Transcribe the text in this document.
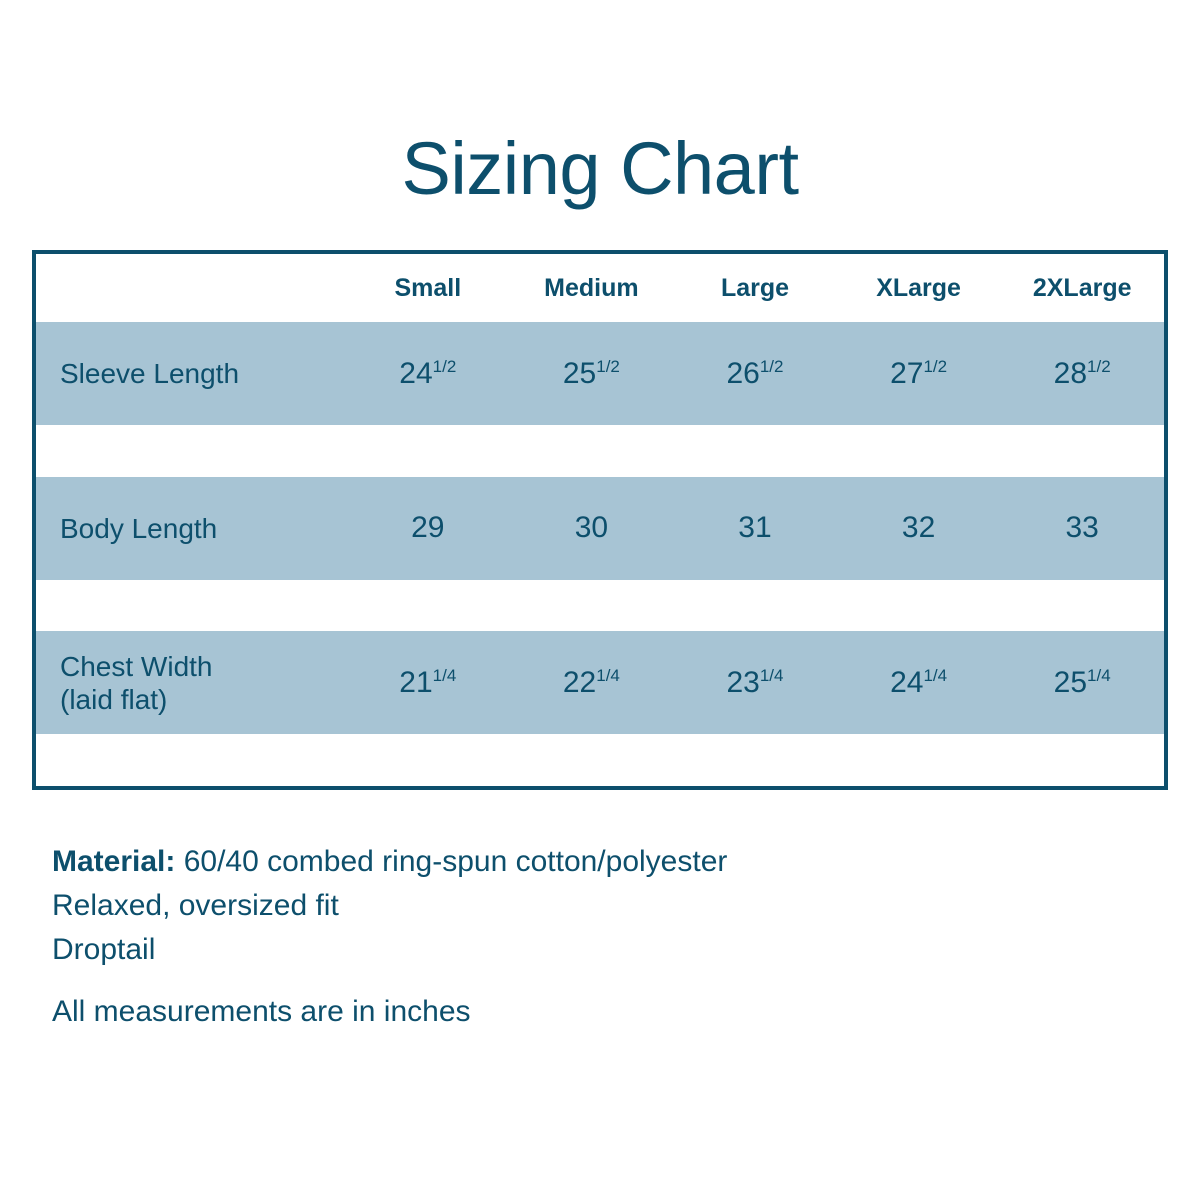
Sizing Chart
	Small	Medium	Large	XLarge	2XLarge
Sleeve Length	$24^{1/2}$	$25^{1/2}$	$26^{1/2}$	$27^{1/2}$	$28^{1/2}$

Body Length	29	30	31	32	33

Chest Width
(laid flat)	$21^{1/4}$	$22^{1/4}$	$23^{1/4}$	$24^{1/4}$	$25^{1/4}$

Material: 60/40 combed ring-spun cotton/polyester
Relaxed, oversized fit
Droptail
All measurements are in inches
